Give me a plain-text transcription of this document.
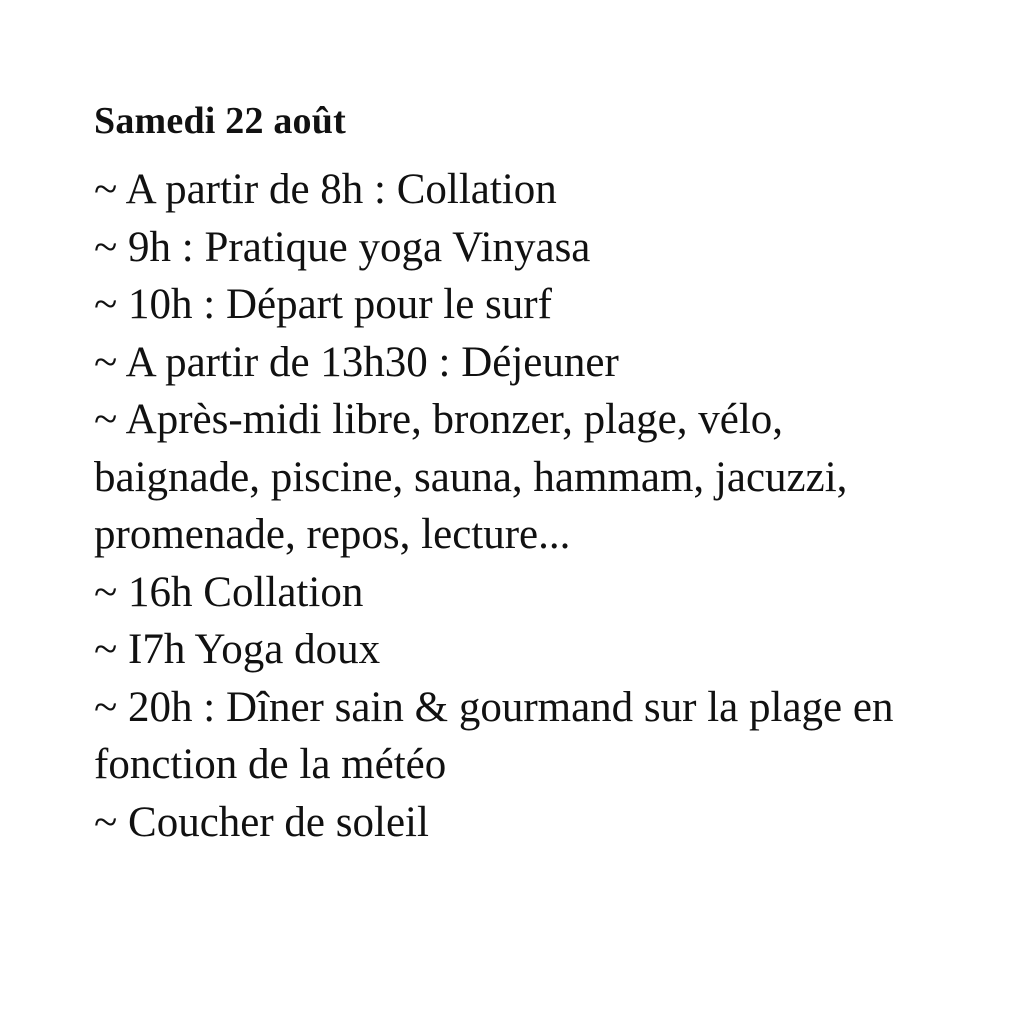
Samedi 22 août
~ A partir de 8h : Collation
~ 9h : Pratique yoga Vinyasa
~ 10h : Départ pour le surf
~ A partir de 13h30 : Déjeuner
~ Après-midi libre, bronzer, plage, vélo, baignade, piscine, sauna, hammam, jacuzzi, promenade, repos, lecture...
~ 16h Collation
~ I7h Yoga doux
~ 20h : Dîner sain & gourmand sur la plage en fonction de la météo
~ Coucher de soleil
